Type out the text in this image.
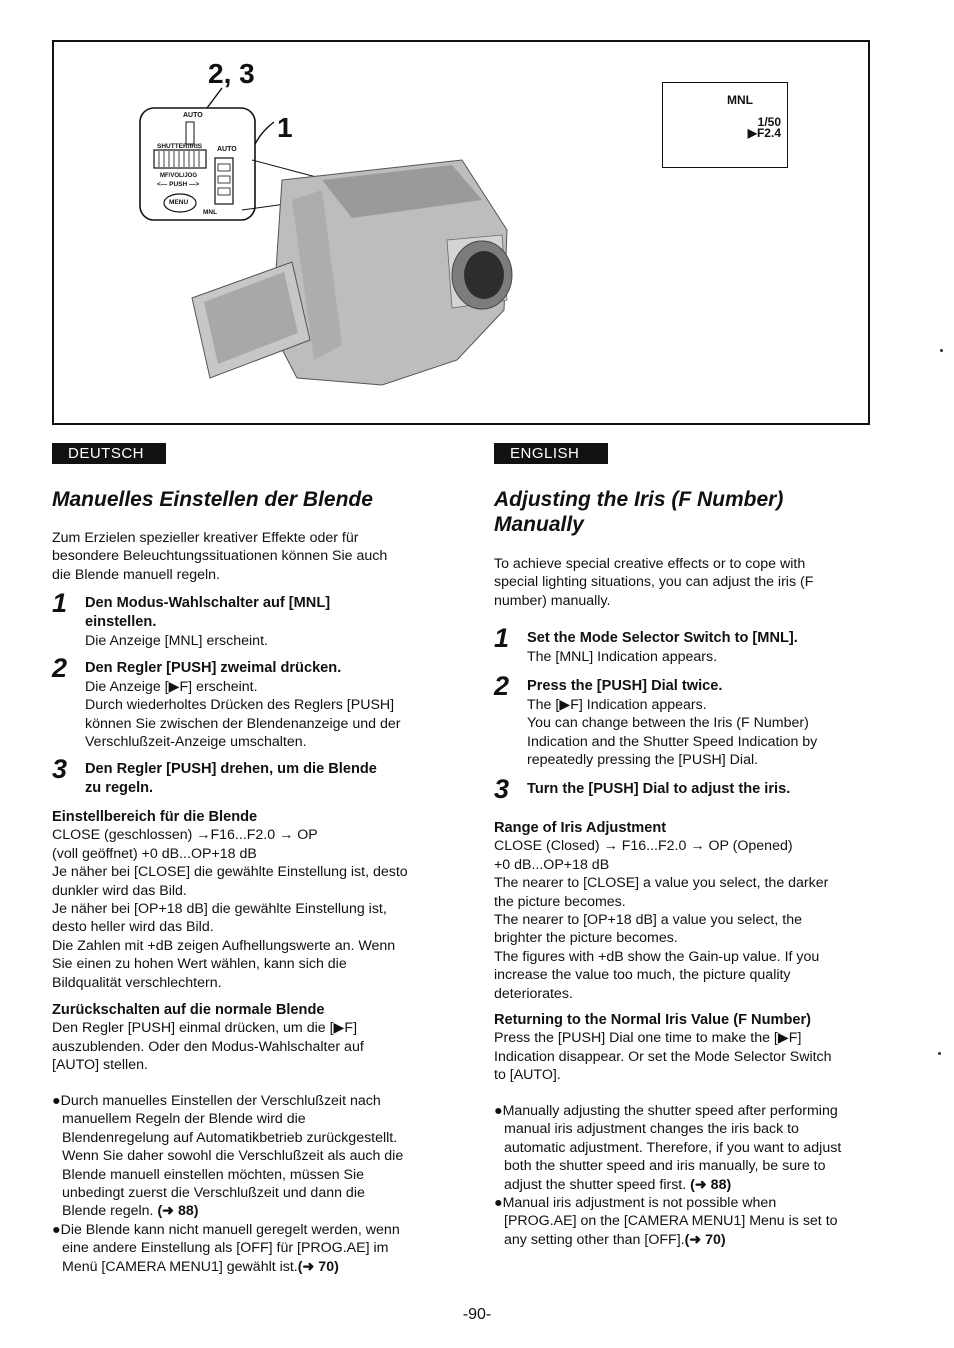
2, 3
1
AUTO
SHUTTER/IRIS AUTO
MF/VOL/JOG
<— PUSH —>
MENU
MNL
MNL
1/50
▶F2.4
DEUTSCH
Manuelles Einstellen der Blende

Zum Erzielen spezieller kreativer Effekte oder für

besondere Beleuchtungssituationen können Sie auch

die Blende manuell regeln.

1 Den Modus-Wahlschalter auf [MNL]
einstellen.
Die Anzeige [MNL] erscheint.
2 Den Regler [PUSH] zweimal drücken.
Die Anzeige [▶F] erscheint.
Durch wiederholtes Drücken des Reglers [PUSH]
können Sie zwischen der Blendenanzeige und der
Verschlußzeit-Anzeige umschalten.
3 Den Regler [PUSH] drehen, um die Blende
zu regeln.

Einstellbereich für die Blende

CLOSE (geschlossen) →F16...F2.0 → OP

(voll geöffnet) +0 dB...OP+18 dB

Je näher bei [CLOSE] die gewählte Einstellung ist, desto

dunkler wird das Bild.

Je näher bei [OP+18 dB] die gewählte Einstellung ist,

desto heller wird das Bild.

Die Zahlen mit +dB zeigen Aufhellungswerte an. Wenn

Sie einen zu hohen Wert wählen, kann sich die

Bildqualität verschlechtern.

Zurückschalten auf die normale Blende

Den Regler [PUSH] einmal drücken, um die [▶F]

auszublenden. Oder den Modus-Wahlschalter auf

[AUTO] stellen.

●Durch manuelles Einstellen der Verschlußzeit nach

manuellem Regeln der Blende wird die

Blendenregelung auf Automatikbetrieb zurückgestellt.

Wenn Sie daher sowohl die Verschlußzeit als auch die

Blende manuell einstellen möchten, müssen Sie

unbedingt zuerst die Verschlußzeit und dann die

Blende regeln. (➜ 88)

●Die Blende kann nicht manuell geregelt werden, wenn

eine andere Einstellung als [OFF] für [PROG.AE] im

Menü [CAMERA MENU1] gewählt ist.(➜ 70)

ENGLISH
Adjusting the Iris (F Number)
Manually

To achieve special creative effects or to cope with

special lighting situations, you can adjust the iris (F

number) manually.

1 Set the Mode Selector Switch to [MNL].
The [MNL] Indication appears.
2 Press the [PUSH] Dial twice.
The [▶F] Indication appears.
You can change between the Iris (F Number)
Indication and the Shutter Speed Indication by
repeatedly pressing the [PUSH] Dial.
3 Turn the [PUSH] Dial to adjust the iris.

Range of Iris Adjustment

CLOSE (Closed) → F16...F2.0 → OP (Opened)

+0 dB...OP+18 dB

The nearer to [CLOSE] a value you select, the darker

the picture becomes.

The nearer to [OP+18 dB] a value you select, the

brighter the picture becomes.

The figures with +dB show the Gain-up value. If you

increase the value too much, the picture quality

deteriorates.

Returning to the Normal Iris Value (F Number)

Press the [PUSH] Dial one time to make the [▶F]

Indication disappear. Or set the Mode Selector Switch

to [AUTO].

●Manually adjusting the shutter speed after performing

manual iris adjustment changes the iris back to

automatic adjustment. Therefore, if you want to adjust

both the shutter speed and iris manually, be sure to

adjust the shutter speed first. (➜ 88)

●Manual iris adjustment is not possible when

[PROG.AE] on the [CAMERA MENU1] Menu is set to

any setting other than [OFF].(➜ 70)

-90-
